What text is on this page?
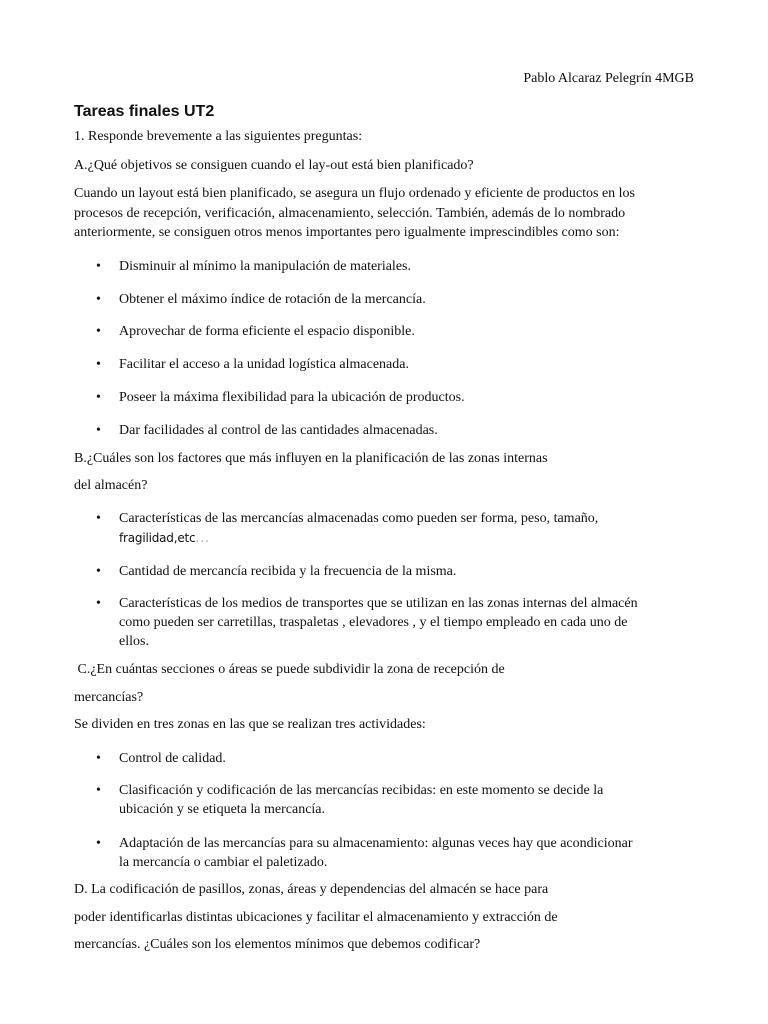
Pablo Alcaraz Pelegrín 4MGB
Tareas finales UT2
1. Responde brevemente a las siguientes preguntas:
A.¿Qué objetivos se consiguen cuando el lay-out está bien planificado?
Cuando un layout está bien planificado, se asegura un flujo ordenado y eficiente de productos en los
procesos de recepción, verificación, almacenamiento, selección. También, además de lo nombrado
anteriormente, se consiguen otros menos importantes pero igualmente imprescindibles como son:
• Disminuir al mínimo la manipulación de materiales.
• Obtener el máximo índice de rotación de la mercancía.
• Aprovechar de forma eficiente el espacio disponible.
• Facilitar el acceso a la unidad logística almacenada.
• Poseer la máxima flexibilidad para la ubicación de productos.
• Dar facilidades al control de las cantidades almacenadas.
B.¿Cuáles son los factores que más influyen en la planificación de las zonas internas
del almacén?
• Características de las mercancías almacenadas como pueden ser forma, peso, tamaño,
fragilidad,etc...
• Cantidad de mercancía recibida y la frecuencia de la misma.
• Características de los medios de transportes que se utilizan en las zonas internas del almacén
como pueden ser carretillas, traspaletas , elevadores , y el tiempo empleado en cada uno de
ellos.
C.¿En cuántas secciones o áreas se puede subdividir la zona de recepción de
mercancías?
Se dividen en tres zonas en las que se realizan tres actividades:
• Control de calidad.
• Clasificación y codificación de las mercancías recibidas: en este momento se decide la
ubicación y se etiqueta la mercancía.
• Adaptación de las mercancías para su almacenamiento: algunas veces hay que acondicionar
la mercancía o cambiar el paletizado.
D. La codificación de pasillos, zonas, áreas y dependencias del almacén se hace para
poder identificarlas distintas ubicaciones y facilitar el almacenamiento y extracción de
mercancías. ¿Cuáles son los elementos mínimos que debemos codificar?
